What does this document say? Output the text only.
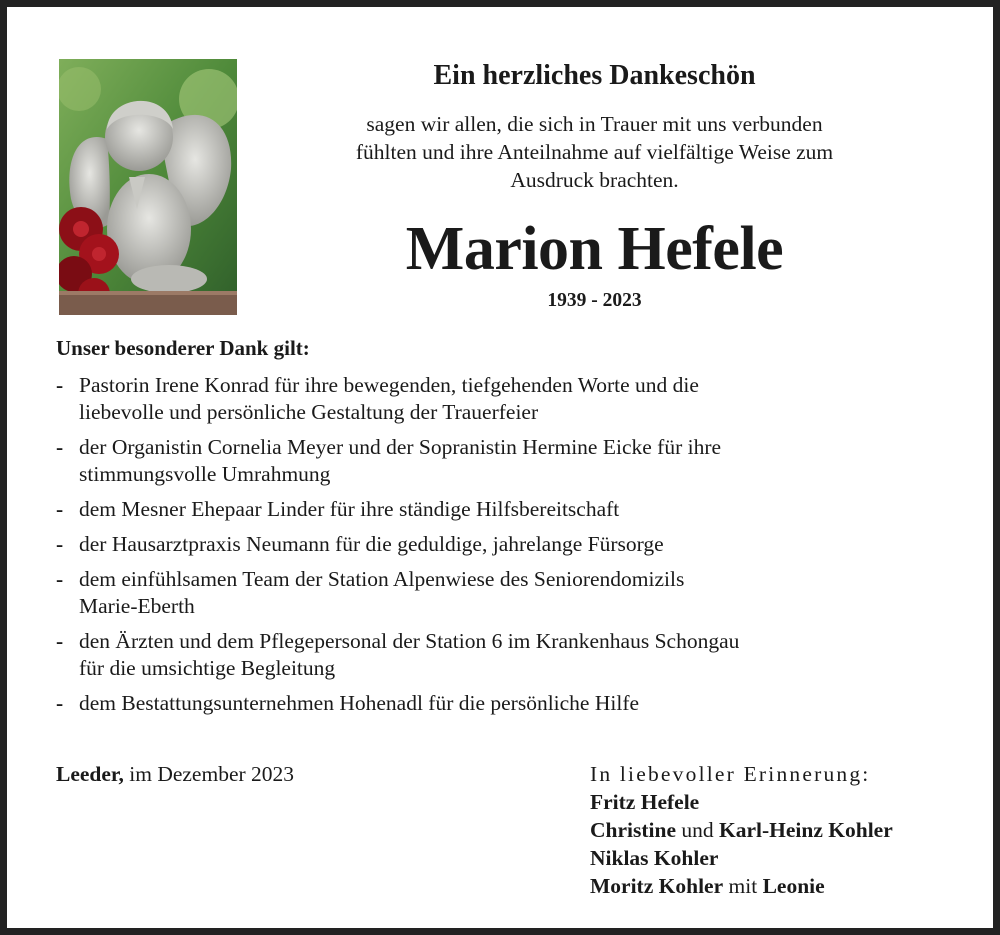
Ein herzliches Dankeschön
sagen wir allen, die sich in Trauer mit uns verbunden
fühlten und ihre Anteilnahme auf vielfältige Weise zum
Ausdruck brachten.
Marion Hefele
1939 - 2023
Unser besonderer Dank gilt:
- Pastorin Irene Konrad für ihre bewegenden, tiefgehenden Worte und die
liebevolle und persönliche Gestaltung der Trauerfeier
- der Organistin Cornelia Meyer und der Sopranistin Hermine Eicke für ihre
stimmungsvolle Umrahmung
- dem Mesner Ehepaar Linder für ihre ständige Hilfsbereitschaft
- der Hausarztpraxis Neumann für die geduldige, jahrelange Fürsorge
- dem einfühlsamen Team der Station Alpenwiese des Seniorendomizils
Marie-Eberth
- den Ärzten und dem Pflegepersonal der Station 6 im Krankenhaus Schongau
für die umsichtige Begleitung
- dem Bestattungsunternehmen Hohenadl für die persönliche Hilfe
Leeder, im Dezember 2023	In liebevoller Erinnerung:
Fritz Hefele
Christine und Karl-Heinz Kohler
Niklas Kohler
Moritz Kohler mit Leonie
